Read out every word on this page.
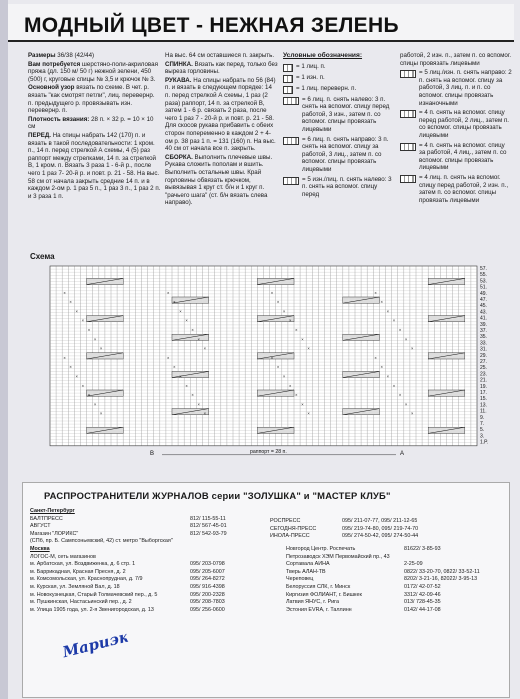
МОДНЫЙ ЦВЕТ - НЕЖНАЯ ЗЕЛЕНЬ

Размеры 36/38 (42/44)

Вам потребуется шерстяно-поли-акриловая пряжа (дл. 150 м/ 50 г) нежной зелени, 450 (500) г, круговые спицы № 3,5 и крючок № 3.

Основной узор вязать по схеме. В чет. р. вязать "как смотрят петли", лиц. перевернр. п. предыдущего р. провязывать изн. перевернр. п.

Плотность вязания: 28 п. × 32 р. = 10 × 10 см

ПЕРЕД. На спицы набрать 142 (170) п. и вязать в такой последовательности: 1 кром. п., 14 п. перед стрелкой А схемы, 4 (5) раз раппорт между стрелками, 14 п. за стрелкой В, 1 кром. п. Вязать 3 раза 1 - 6-й р., после чего 1 раз 7- 20-й р. и повт. р. 21 - 58. На выс. 58 см от начала закрыть средние 14 п. и в каждом 2-ом р. 1 раз 5 п., 1 раз 3 п., 1 раз 2 п. и 3 раза 1 п.

На выс. 64 см оставшиеся п. закрыть.

СПИНКА. Вязать как перед, только без выреза горловины.

РУКАВА. На спицы набрать по 56 (84) п. и вязать в следующем порядке: 14 п. перед стрелкой А схемы, 1 раз (2 раза) раппорт, 14 п. за стрелкой В, затем 1 - 6 р. связать 2 раза, после чего 1 раз 7 - 20-й р. и повт. р. 21 - 58. Для скосов рукава прибавить с обеих сторон попеременно в каждом 2 + 4-ом р. 38 раз 1 п. = 131 (160) п. На выс. 40 см от начала все п. закрыть.

СБОРКА. Выполнить плечевые швы. Рукава сложить пополам и вшить. Выполнить остальные швы. Край горловины обвязать крючком, вывязывая 1 круг ст. б/н и 1 круг п. "рачьего шага" (ст. б/н вязать слева направо).

Условные обозначения:
= 1 лиц. п.
= 1 изн. п.
= 1 лиц. переверн. п.
= 6 лиц. п. снять налево: 3 п. снять на вспомог. спицу перед работой, 3 изн., затем п. со вспомог. спицы провязать лицевыми
= 6 лиц. п. снять направо: 3 п. снять на вспомог. спицу за работой, 3 лиц., затем п. со вспомог. спицы провязать лицевыми
= 5 изн./лиц. п. снять налево: 3 п. снять на вспомог. спицу перед
работой, 2 изн. п., затем п. со вспомог. спицы провязать лицевыми
= 5 лиц./изн. п. снять направо: 2 п. снять на вспомог. спицу за работой, 3 лиц. п. и п. со вспомог. спицы провязать изнаночными
= 4 п. снять на вспомог. спицу перед работой, 2 лиц., затем п. со вспомог. спицы провязать лицевыми
= 4 п. снять на вспомог. спицу за работой, 4 лиц., затем п. со вспомог. спицы провязать лицевыми
= 4 лиц. п. снять на вспомог. спицу перед работой, 2 изн. п., затем п. со вспомог. спицы провязать лицевыми
Схема
×
×
×
×
×
×
×
×
×
×
×
×
×
×
×
×
×
×
×
×
×
×
×
×
×
×
×
×
×
×
×
×
×
×
×
×
×
×
×
×
×
×
×
×
×
×
×
×
×
×
×
×
×
×
×
×
57.
55.
53.
51.
49.
47.
45.
43.
41.
39.
37.
35.
33.
31.
29.
27.
25.
23.
21.
19.
17.
15.
13.
11.
9.
7.
5.
3.
1.Р.
В	А
раппорт = 28 п.
РАСПРОСТРАНИТЕЛИ ЖУРНАЛОВ серии "ЗОЛУШКА" и "МАСТЕР КЛУБ"
Санкт-Петербург
БАЛТПРЕСС	812/ 115-55-11
АВГУСТ	812/ 567-45-01
Магазин "ЛОРИКС"	812/ 542-93-79
(СПб, пр. Б. Сампсоньевский, 42) ст. метро "Выборгская"
Москва
ЛОГОС-М, сеть магазинов
м. Арбатская, ул. Воздвиженка, д. 6 стр. 1	095/ 203-0798
м. Баррикадная, Красная Пресня, д. 2	095/ 205-6007
м. Комсомольская, ул. Краснопрудная, д. 7/9	095/ 264-8272
м. Курская, ул. Земляной Вал, д. 18	095/ 916-4398
м. Новокузнецкая, Старый Толмачевский пер., д. 5	095/ 200-2328
м. Пушкинская, Настасьинский пер., д. 2	095/ 208-7803
м. Улица 1905 года, ул. 2-я Звенигородская, д. 13	095/ 256-0600
РОСПРЕСС	095/ 211-07-77, 095/ 211-12-65
СЕГОДНЯ-ПРЕСС	095/ 219-74-80, 095/ 219-74-70
ИНОЛА-ПРЕСС	095/ 274-50-42, 095/ 274-50-44
Новгород Центр. Роспечать	81622/ 3-85-93
Петрозаводск ХЭМ Первомайский пр., 43
Сортавала АЙНА	2-25-09
Тверь АЛАН-ТВ	0822/ 33-20-70, 0822/ 33-52-11
Череповец	8202/ 3-21-16, 82022/ 3-95-13
Белоруссия СЛК, г. Минск	0172/ 42-07-52
Киргизия ФОЛИАНТ, г. Бишкек	3312/ 42-09-46
Латвия ЯНУС, г. Рига	013/ 728-45-35
Эстония EVRA, г. Таллинн	0142/ 44-17-08
Мариэк
